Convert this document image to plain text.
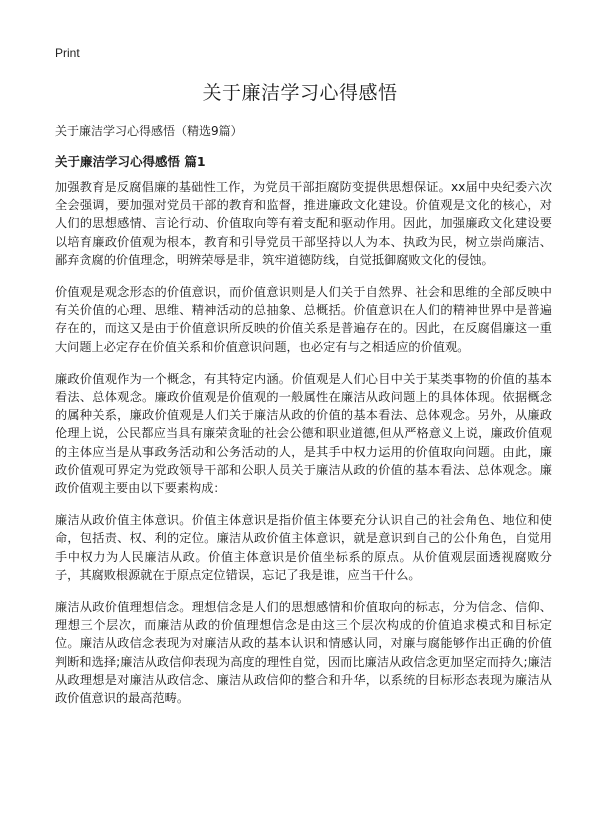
Print
关于廉洁学习心得感悟

关于廉洁学习心得感悟（精选9篇）

关于廉洁学习心得感悟 篇1

加强教育是反腐倡廉的基础性工作，为党员干部拒腐防变提供思想保证。xx届中央纪委六次全会强调，要加强对党员干部的教育和监督，推进廉政文化建设。价值观是文化的核心，对人们的思想感情、言论行动、价值取向等有着支配和驱动作用。因此，加强廉政文化建设要以培育廉政价值观为根本，教育和引导党员干部坚持以人为本、执政为民，树立崇尚廉洁、鄙弃贪腐的价值理念，明辨荣辱是非，筑牢道德防线，自觉抵御腐败文化的侵蚀。

价值观是观念形态的价值意识，而价值意识则是人们关于自然界、社会和思维的全部反映中有关价值的心理、思维、精神活动的总抽象、总概括。价值意识在人们的精神世界中是普遍存在的，而这又是由于价值意识所反映的价值关系是普遍存在的。因此，在反腐倡廉这一重大问题上必定存在价值关系和价值意识问题，也必定有与之相适应的价值观。

廉政价值观作为一个概念，有其特定内涵。价值观是人们心目中关于某类事物的价值的基本看法、总体观念。廉政价值观是价值观的一般属性在廉洁从政问题上的具体体现。依据概念的属种关系，廉政价值观是人们关于廉洁从政的价值的基本看法、总体观念。另外，从廉政伦理上说，公民都应当具有廉荣贪耻的社会公德和职业道德,但从严格意义上说，廉政价值观的主体应当是从事政务活动和公务活动的人，是其手中权力运用的价值取向问题。由此，廉政价值观可界定为党政领导干部和公职人员关于廉洁从政的价值的基本看法、总体观念。廉政价值观主要由以下要素构成：

廉洁从政价值主体意识。价值主体意识是指价值主体要充分认识自己的社会角色、地位和使命，包括责、权、利的定位。廉洁从政价值主体意识，就是意识到自己的公仆角色，自觉用手中权力为人民廉洁从政。价值主体意识是价值坐标系的原点。从价值观层面透视腐败分子，其腐败根源就在于原点定位错误，忘记了我是谁，应当干什么。

廉洁从政价值理想信念。理想信念是人们的思想感情和价值取向的标志，分为信念、信仰、理想三个层次，而廉洁从政的价值理想信念是由这三个层次构成的价值追求模式和目标定位。廉洁从政信念表现为对廉洁从政的基本认识和情感认同，对廉与腐能够作出正确的价值判断和选择;廉洁从政信仰表现为高度的理性自觉，因而比廉洁从政信念更加坚定而持久;廉洁从政理想是对廉洁从政信念、廉洁从政信仰的整合和升华，以系统的目标形态表现为廉洁从政价值意识的最高范畴。
